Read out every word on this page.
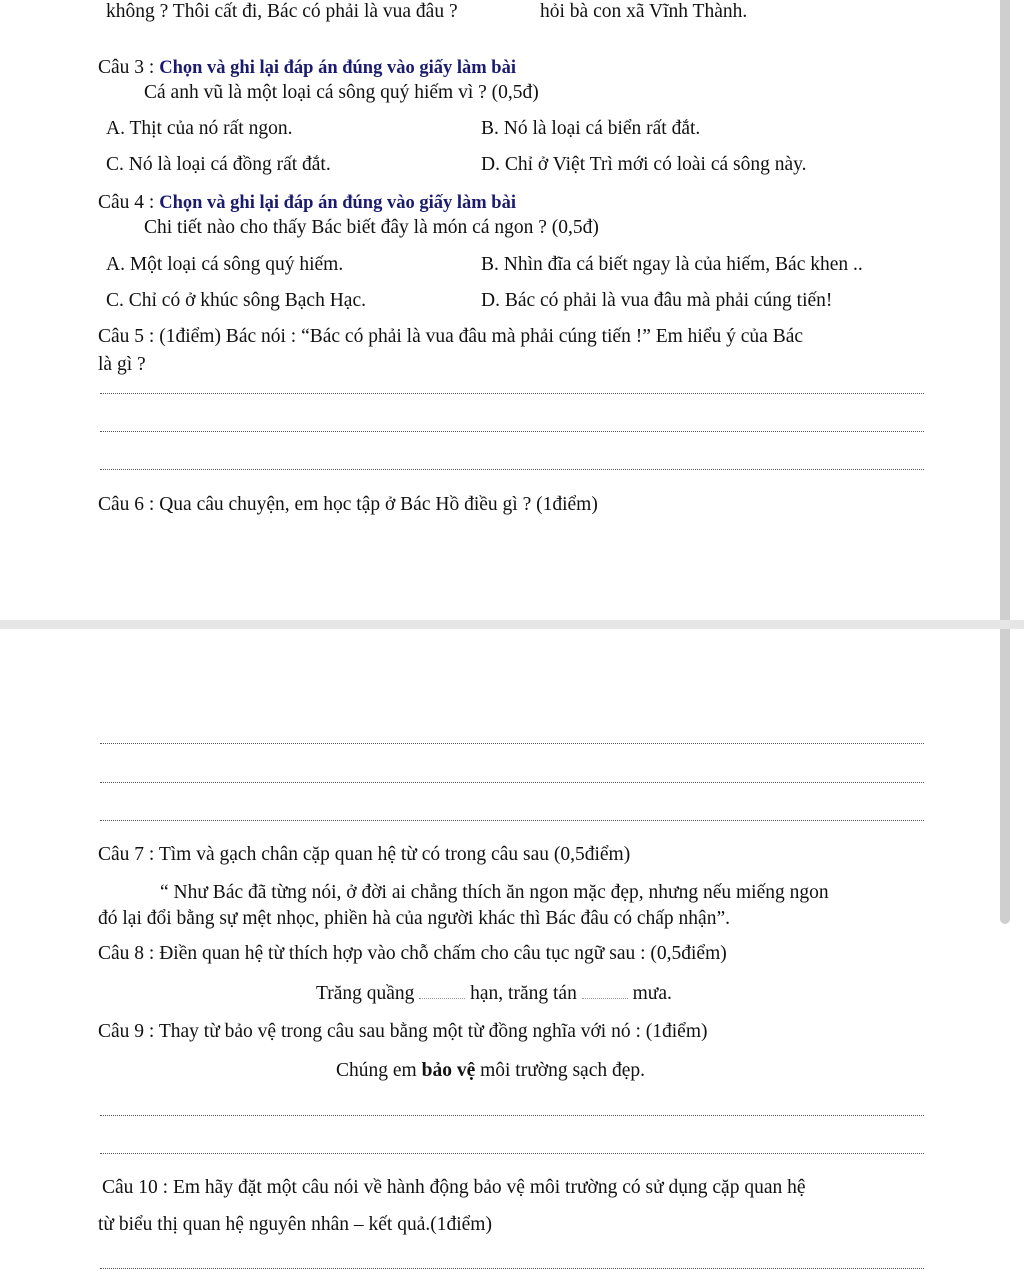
không ? Thôi cất đi, Bác có phải là vua đâu ?	hỏi bà con xã Vĩnh Thành.
Câu 3 : Chọn và ghi lại đáp án đúng vào giấy làm bài
Cá anh vũ là một loại cá sông quý hiếm vì ? (0,5đ)
A. Thịt của nó rất ngon.	B. Nó là loại cá biển rất đắt.
C. Nó là loại cá đồng rất đắt.	D. Chỉ ở Việt Trì mới có loài cá sông này.
Câu 4 : Chọn và ghi lại đáp án đúng vào giấy làm bài
Chi tiết nào cho thấy Bác biết đây là món cá ngon ? (0,5đ)
A. Một loại cá sông quý hiếm.	B. Nhìn đĩa cá biết ngay là của hiếm, Bác khen ..
C. Chỉ có ở khúc sông Bạch Hạc.	D. Bác có phải là vua đâu mà phải cúng tiến!
Câu 5 : (1điểm) Bác nói : “Bác có phải là vua đâu mà phải cúng tiến !” Em hiểu ý của Bác
là gì ?
Câu 6 : Qua câu chuyện, em học tập ở Bác Hồ điều gì ? (1điểm)
Câu 7 : Tìm và gạch chân cặp quan hệ từ có trong câu sau (0,5điểm)
“ Như Bác đã từng nói, ở đời ai chẳng thích ăn ngon mặc đẹp, nhưng nếu miếng ngon
đó lại đổi bằng sự mệt nhọc, phiền hà của người khác thì Bác đâu có chấp nhận”.
Câu 8 : Điền quan hệ từ thích hợp vào chỗ chấm cho câu tục ngữ sau : (0,5điểm)
Trăng quầng	hạn, trăng tán	mưa.
Câu 9 : Thay từ bảo vệ trong câu sau bằng một từ đồng nghĩa với nó : (1điểm)
Chúng em bảo vệ môi trường sạch đẹp.
Câu 10 : Em hãy đặt một câu nói về hành động bảo vệ môi trường có sử dụng cặp quan hệ
từ biểu thị quan hệ nguyên nhân – kết quả.(1điểm)
